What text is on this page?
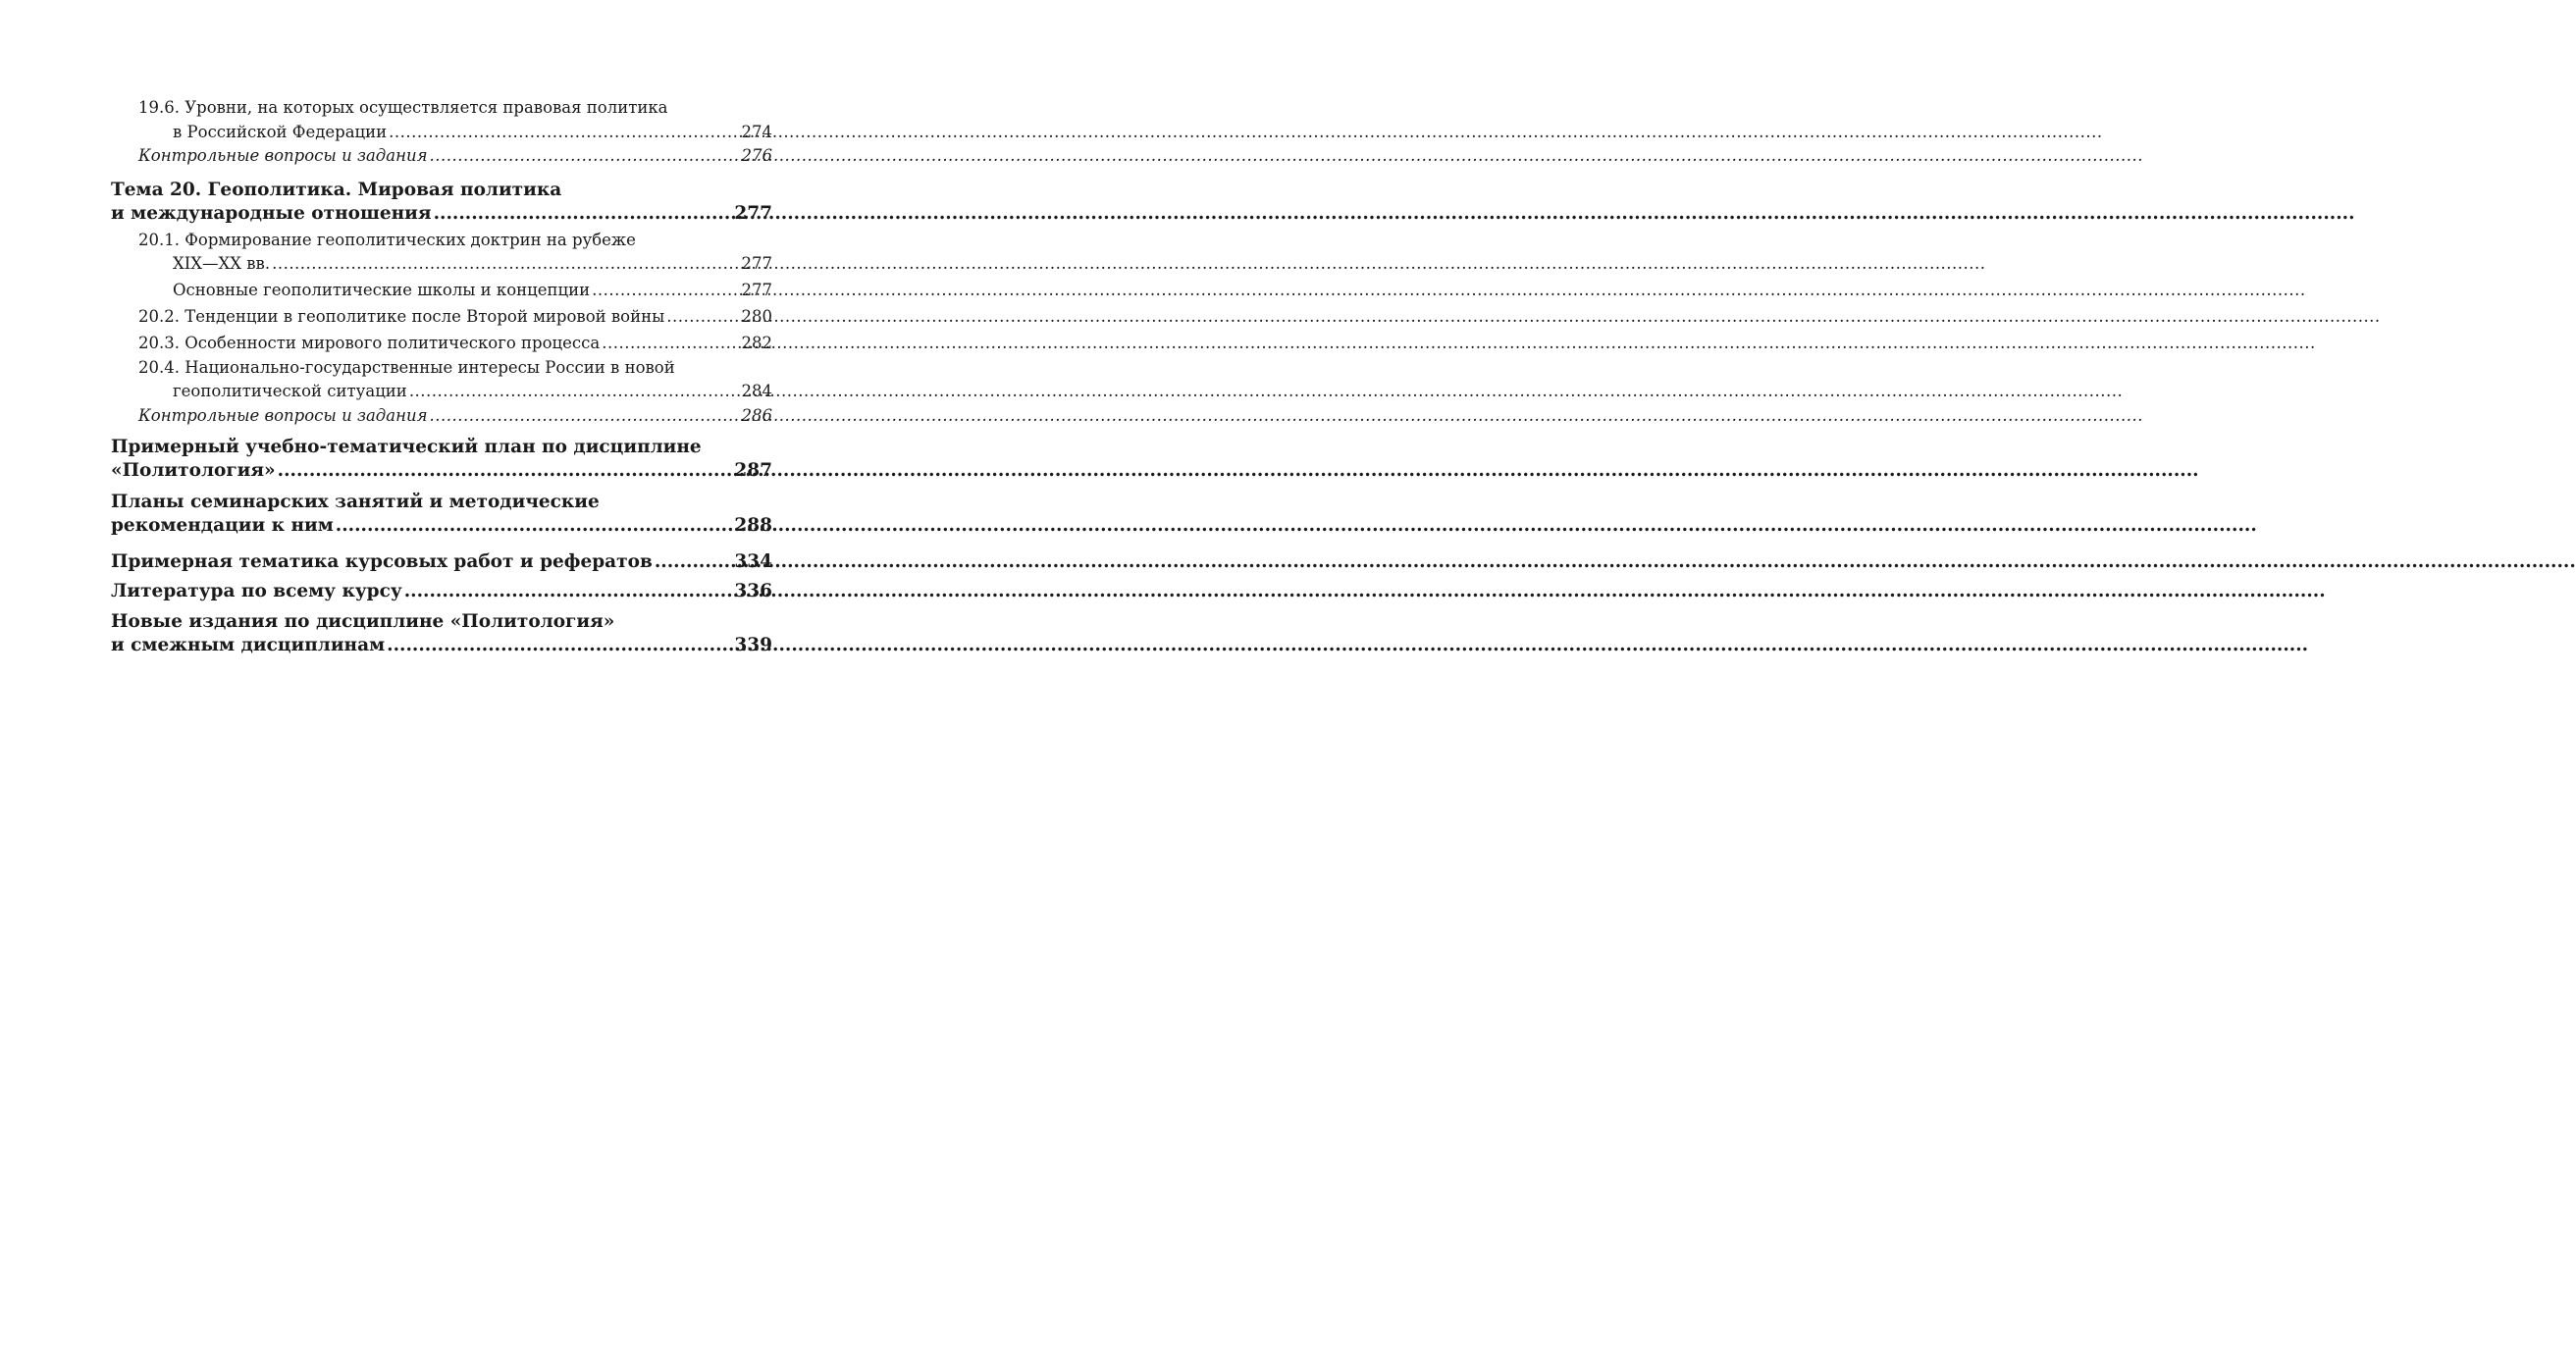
19.6. Уровни, на которых осуществляется правовая политика
в Российской Федерации .....	274
Контрольные вопросы и задания .....	276
Тема 20. Геополитика. Мировая политика
и международные отношения .....	277
20.1. Формирование геополитических доктрин на рубеже
XIX—XX вв. .....	277
Основные геополитические школы и концепции .....	277
20.2. Тенденции в геополитике после Второй мировой войны .....	280
20.3. Особенности мирового политического процесса .....	282
20.4. Национально-государственные интересы России в новой
геополитической ситуации .....	284
Контрольные вопросы и задания .....	286
Примерный учебно-тематический план по дисциплине
«Политология» .....	287
Планы семинарских занятий и методические
рекомендации к ним .....	288
Примерная тематика курсовых работ и рефератов .....	334
Литература по всему курсу .....	336
Новые издания по дисциплине «Политология»
и смежным дисциплинам .....	339
